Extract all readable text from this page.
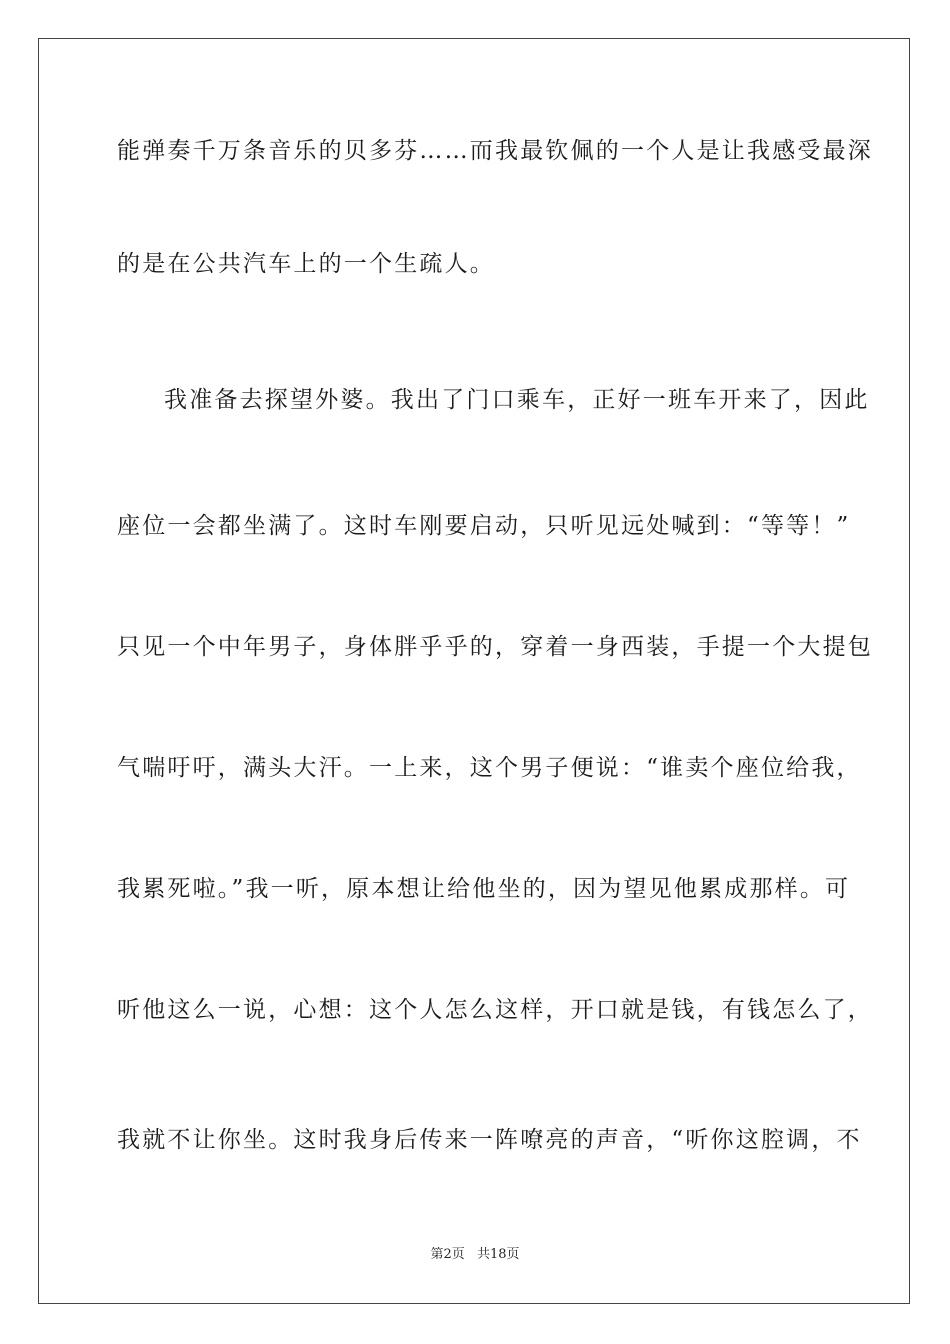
能弹奏千万条音乐的贝多芬……而我最钦佩的一个人是让我感受最深
的是在公共汽车上的一个生疏人。
我准备去探望外婆。我出了门口乘车，正好一班车开来了，因此
座位一会都坐满了。这时车刚要启动，只听见远处喊到：“等等！”
只见一个中年男子，身体胖乎乎的，穿着一身西装，手提一个大提包
气喘吁吁，满头大汗。一上来，这个男子便说：“谁卖个座位给我，
我累死啦。”我一听，原本想让给他坐的，因为望见他累成那样。可
听他这么一说，心想：这个人怎么这样，开口就是钱，有钱怎么了，
我就不让你坐。这时我身后传来一阵嘹亮的声音，“听你这腔调，不
第2页 共18页
